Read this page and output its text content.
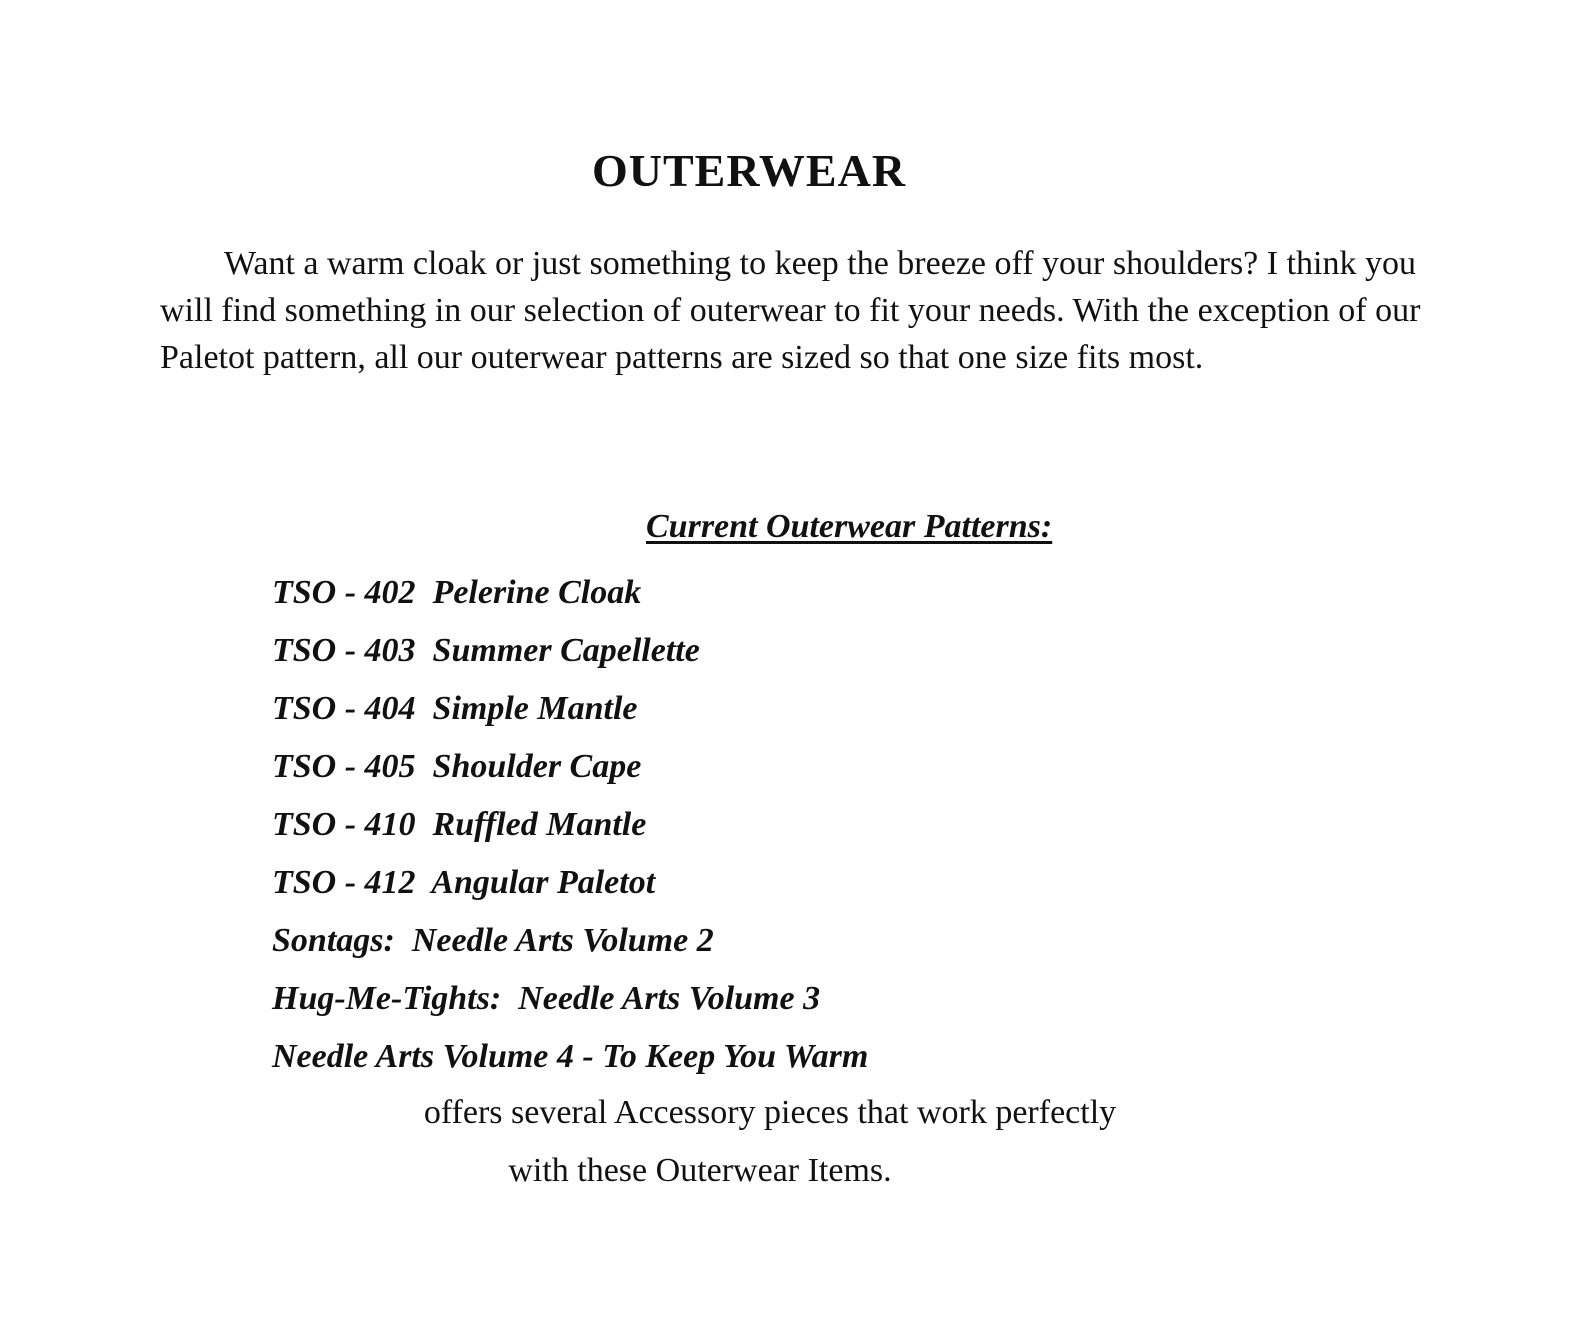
OUTERWEAR

Want a warm cloak or just something to keep the breeze off your shoulders? I think you will find something in our selection of outerwear to fit your needs. With the exception of our Paletot pattern, all our outerwear patterns are sized so that one size fits most.

Current Outerwear Patterns:
TSO - 402  Pelerine Cloak
TSO - 403  Summer Capellette
TSO - 404  Simple Mantle
TSO - 405  Shoulder Cape
TSO - 410  Ruffled Mantle
TSO - 412  Angular Paletot
Sontags:  Needle Arts Volume 2
Hug-Me-Tights:  Needle Arts Volume 3
Needle Arts Volume 4 - To Keep You Warm

offers several Accessory pieces that work perfectly
with these Outerwear Items.
